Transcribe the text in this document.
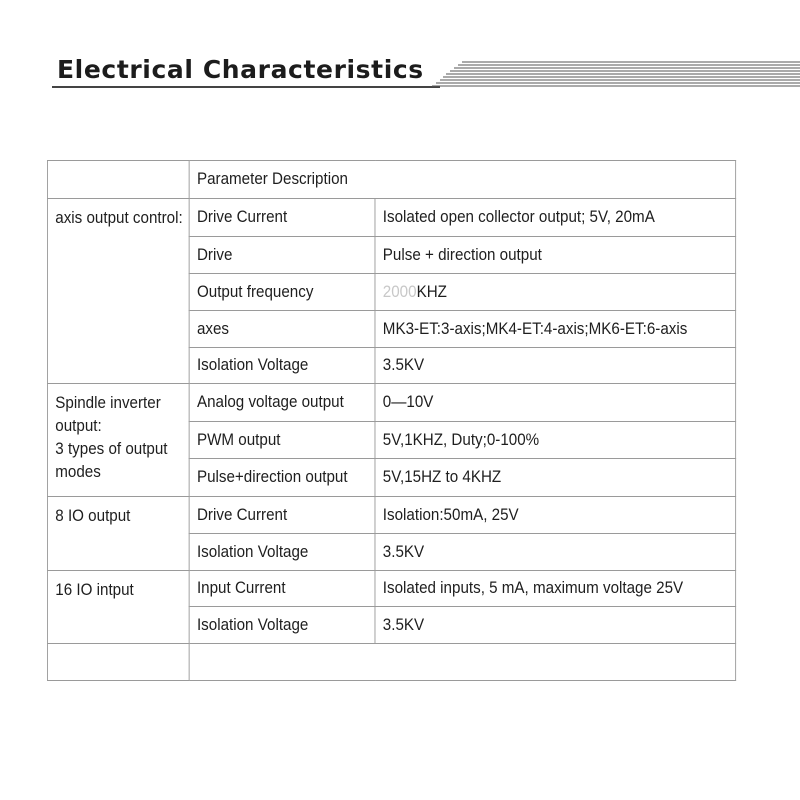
Electrical Characteristics
	Parameter Description	
axis output control:	Drive Current	Isolated open collector output; 5V, 20mA
	Drive	Pulse + direction output
	Output frequency	2000KHZ
	axes	MK3-ET:3-axis;MK4-ET:4-axis;MK6-ET:6-axis
	Isolation Voltage	3.5KV

Spindle inverter output:
3 types of output modes	Analog voltage output	0—10V
	PWM output	5V,1KHZ, Duty;0-100%
	Pulse+direction output	5V,15HZ to 4KHZ
8 IO output	Drive Current	Isolation:50mA, 25V
	Isolation Voltage	3.5KV
16 IO intput	Input Current	Isolated inputs, 5 mA, maximum voltage 25V
	Isolation Voltage	3.5KV
